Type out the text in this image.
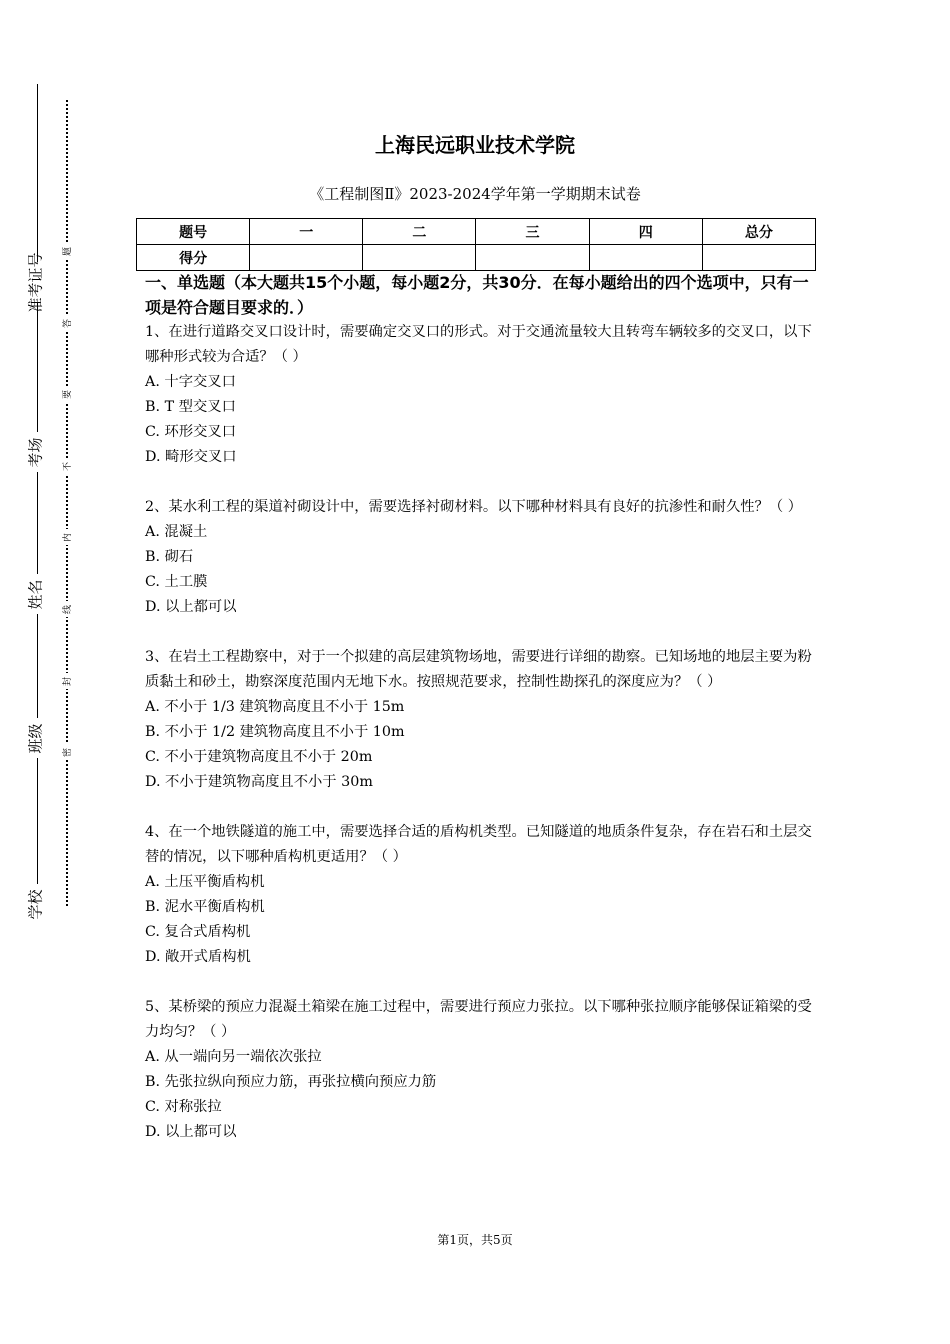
准考证号
考场
姓名
班级
学校
题
答
要
不
内
线
封
密
上海民远职业技术学院
《工程制图Ⅱ》2023-2024学年第一学期期末试卷
题号	一	二	三	四	总分
得分					
一、单选题（本大题共15个小题，每小题2分，共30分．在每小题给出的四个选项中，只有一项是符合题目要求的．）
1、在进行道路交叉口设计时，需要确定交叉口的形式。对于交通流量较大且转弯车辆较多的交叉口，以下哪种形式较为合适？（ ）
A. 十字交叉口
B. T 型交叉口
C. 环形交叉口
D. 畸形交叉口
2、某水利工程的渠道衬砌设计中，需要选择衬砌材料。以下哪种材料具有良好的抗渗性和耐久性？（ ）
A. 混凝土
B. 砌石
C. 土工膜
D. 以上都可以
3、在岩土工程勘察中，对于一个拟建的高层建筑物场地，需要进行详细的勘察。已知场地的地层主要为粉质黏土和砂土，勘察深度范围内无地下水。按照规范要求，控制性勘探孔的深度应为？（ ）
A. 不小于 1/3 建筑物高度且不小于 15m
B. 不小于 1/2 建筑物高度且不小于 10m
C. 不小于建筑物高度且不小于 20m
D. 不小于建筑物高度且不小于 30m
4、在一个地铁隧道的施工中，需要选择合适的盾构机类型。已知隧道的地质条件复杂，存在岩石和土层交替的情况，以下哪种盾构机更适用？（ ）
A. 土压平衡盾构机
B. 泥水平衡盾构机
C. 复合式盾构机
D. 敞开式盾构机
5、某桥梁的预应力混凝土箱梁在施工过程中，需要进行预应力张拉。以下哪种张拉顺序能够保证箱梁的受力均匀？（ ）
A. 从一端向另一端依次张拉
B. 先张拉纵向预应力筋，再张拉横向预应力筋
C. 对称张拉
D. 以上都可以
第1页，共5页
